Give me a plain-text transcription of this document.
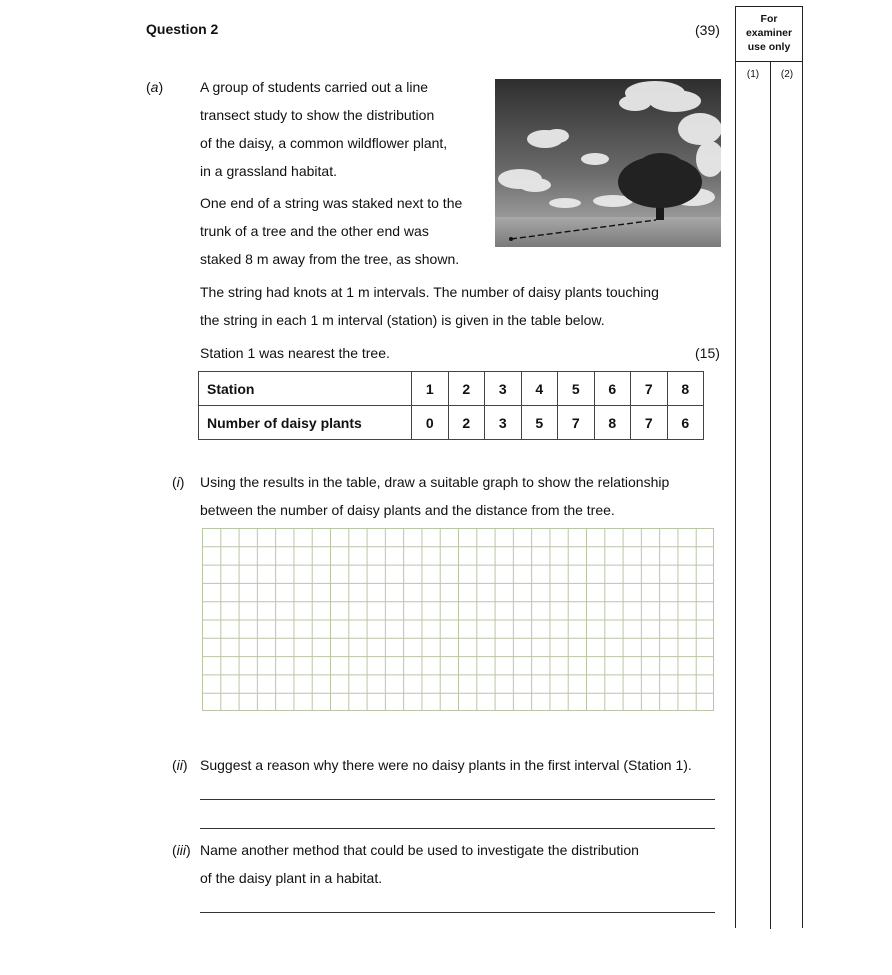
Question 2	(39)
For
examiner
use only
(1)	(2)
(a)	A group of students carried out a line
transect study to show the distribution
of the daisy, a common wildflower plant,
in a grassland habitat.
One end of a string was staked next to the
trunk of a tree and the other end was
staked 8 m away from the tree, as shown.
The string had knots at 1 m intervals. The number of daisy plants touching
the string in each 1 m interval (station) is given in the table below.
Station 1 was nearest the tree.	(15)
Station	1	2	3	4	5	6	7	8
Number of daisy plants	0	2	3	5	7	8	7	6
(i) Using the results in the table, draw a suitable graph to show the relationship
between the number of daisy plants and the distance from the tree.
(ii) Suggest a reason why there were no daisy plants in the first interval (Station 1).
(iii) Name another method that could be used to investigate the distribution
of the daisy plant in a habitat.
